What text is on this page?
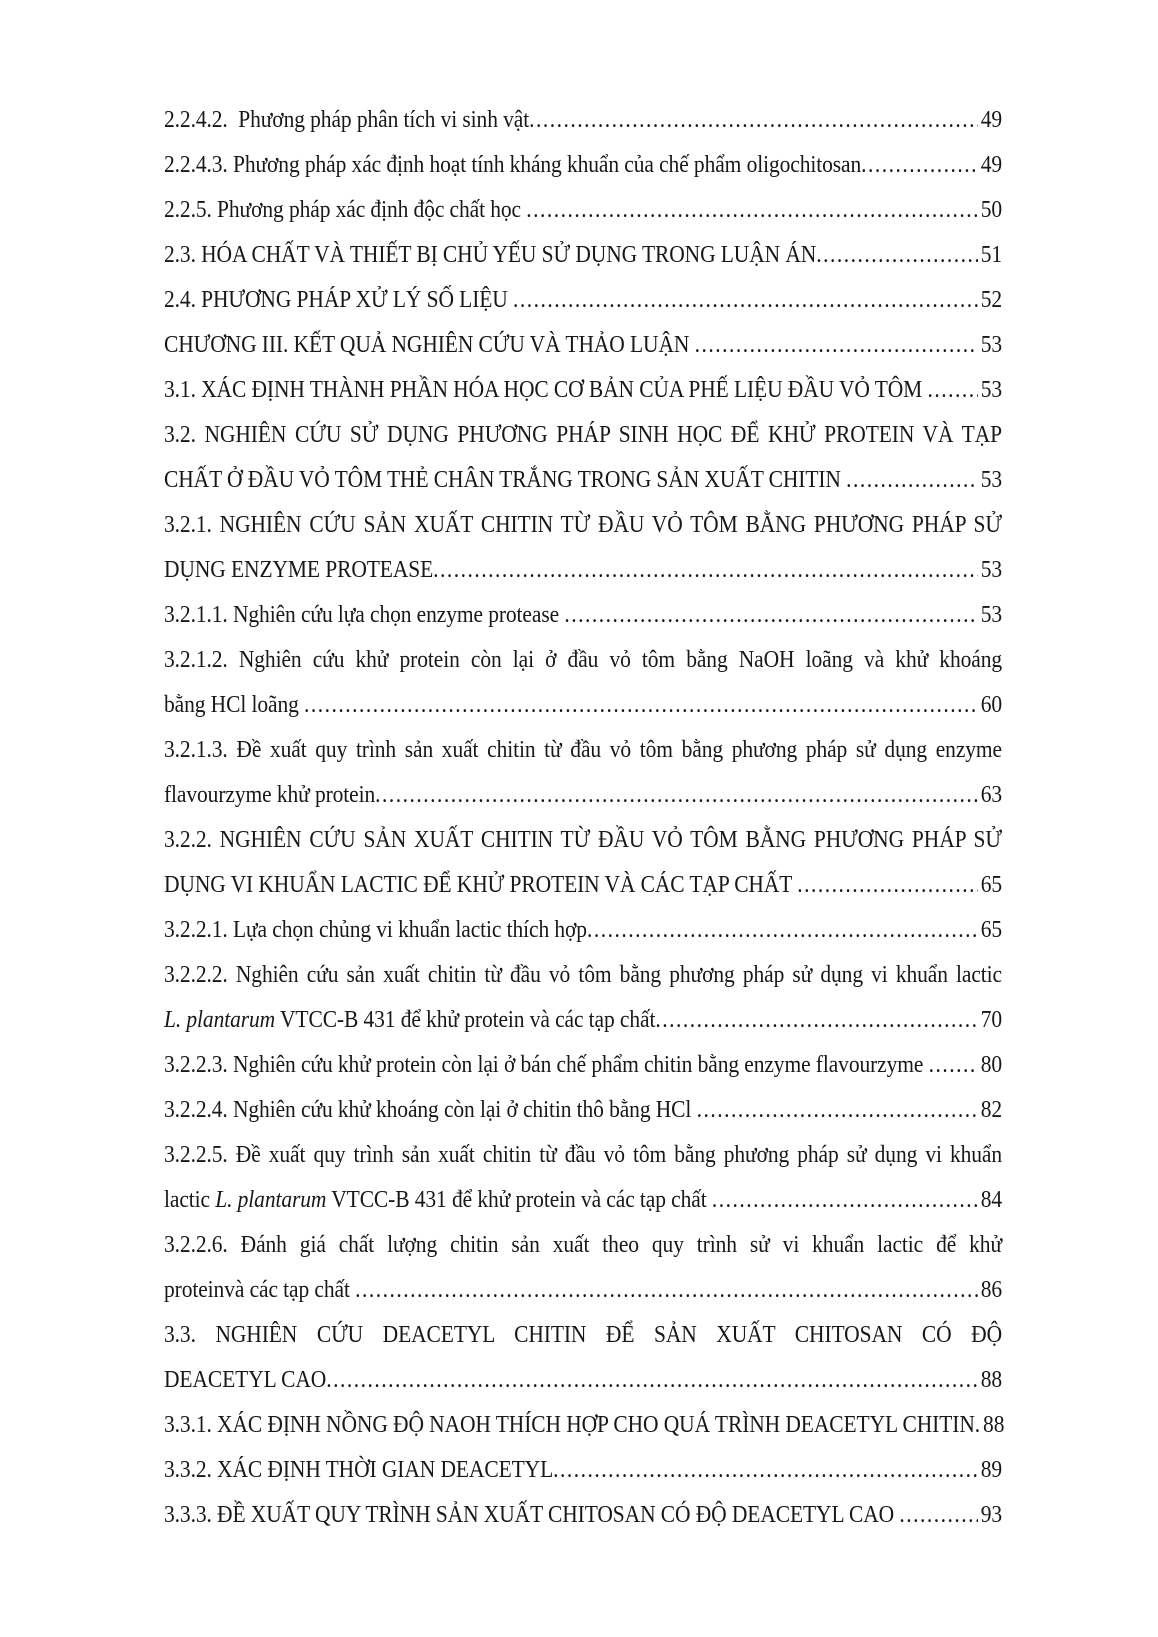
2.2.4.2.  Phương pháp phân tích vi sinh vật .....	49
2.2.4.3. Phương pháp xác định hoạt tính kháng khuẩn của chế phẩm oligochitosan .....	49
2.2.5. Phương pháp xác định độc chất học .....	50
2.3. HÓA CHẤT VÀ THIẾT BỊ CHỦ YẾU SỬ DỤNG TRONG LUẬN ÁN .....	51
2.4. PHƯƠNG PHÁP XỬ LÝ SỐ LIỆU .....	52
CHƯƠNG III. KẾT QUẢ NGHIÊN CỨU VÀ THẢO LUẬN .....	53
3.1. XÁC ĐỊNH THÀNH PHẦN HÓA HỌC CƠ BẢN CỦA PHẾ LIỆU ĐẦU VỎ TÔM ..... 53
3.2. NGHIÊN CỨU SỬ DỤNG PHƯƠNG PHÁP SINH HỌC ĐỂ KHỬ PROTEIN VÀ TẠP
CHẤT Ở ĐẦU VỎ TÔM THẺ CHÂN TRẮNG TRONG SẢN XUẤT CHITIN .....	53
3.2.1. NGHIÊN CỨU SẢN XUẤT CHITIN TỪ ĐẦU VỎ TÔM BẰNG PHƯƠNG PHÁP SỬ
DỤNG ENZYME PROTEASE .....	53
3.2.1.1. Nghiên cứu lựa chọn enzyme protease .....	53
3.2.1.2. Nghiên cứu khử protein còn lại ở đầu vỏ tôm bằng NaOH loãng và khử khoáng
bằng HCl loãng .....	60
3.2.1.3. Đề xuất quy trình sản xuất chitin từ đầu vỏ tôm bằng phương pháp sử dụng enzyme
flavourzyme khử protein .....	63
3.2.2. NGHIÊN CỨU SẢN XUẤT CHITIN TỪ ĐẦU VỎ TÔM BẰNG PHƯƠNG PHÁP SỬ
DỤNG VI KHUẨN LACTIC ĐỂ KHỬ PROTEIN VÀ CÁC TẠP CHẤT .....	65
3.2.2.1. Lựa chọn chủng vi khuẩn lactic thích hợp .....	65
3.2.2.2. Nghiên cứu sản xuất chitin từ đầu vỏ tôm bằng phương pháp sử dụng vi khuẩn lactic
L. plantarum VTCC-B 431 để khử protein và các tạp chất .....	70
3.2.2.3. Nghiên cứu khử protein còn lại ở bán chế phẩm chitin bằng enzyme flavourzyme ..... 80
3.2.2.4. Nghiên cứu khử khoáng còn lại ở chitin thô bằng HCl .....	82
3.2.2.5. Đề xuất quy trình sản xuất chitin từ đầu vỏ tôm bằng phương pháp sử dụng vi khuẩn
lactic L. plantarum VTCC-B 431 để khử protein và các tạp chất .....	84
3.2.2.6. Đánh giá chất lượng chitin sản xuất theo quy trình sử vi khuẩn lactic để khử
proteinvà các tạp chất .....	86
3.3. NGHIÊN CỨU DEACETYL CHITIN ĐỂ SẢN XUẤT CHITOSAN CÓ ĐỘ
DEACETYL CAO .....	88
3.3.1. XÁC ĐỊNH NỒNG ĐỘ NAOH THÍCH HỢP CHO QUÁ TRÌNH DEACETYL CHITIN. 88
3.3.2. XÁC ĐỊNH THỜI GIAN DEACETYL .....	89
3.3.3. ĐỀ XUẤT QUY TRÌNH SẢN XUẤT CHITOSAN CÓ ĐỘ DEACETYL CAO .....	93
